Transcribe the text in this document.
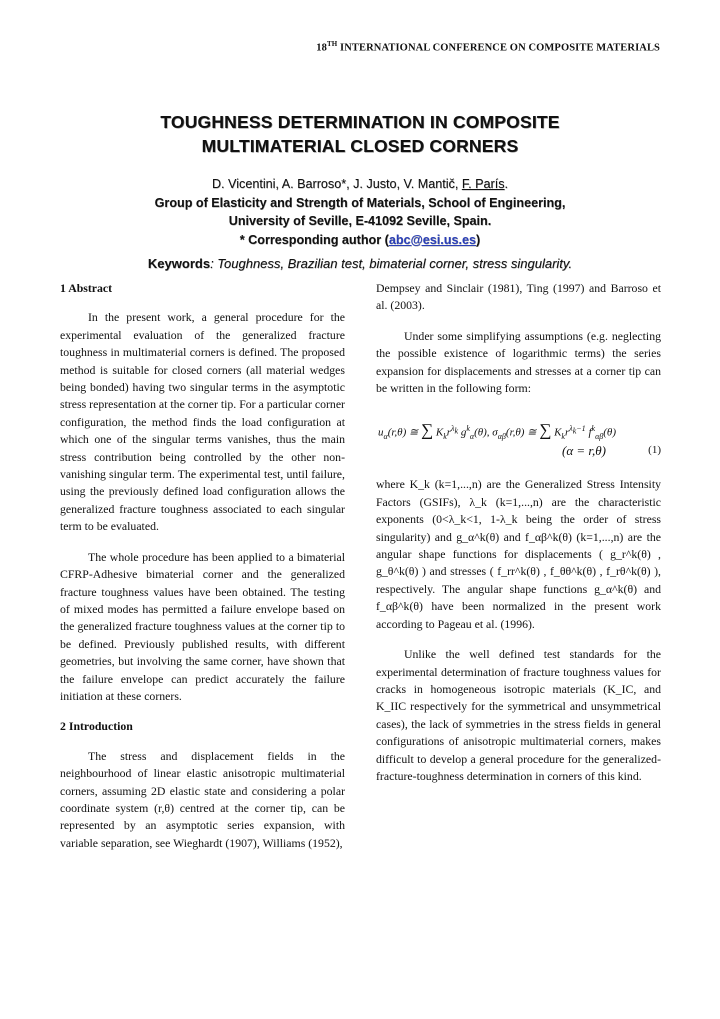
18TH INTERNATIONAL CONFERENCE ON COMPOSITE MATERIALS
TOUGHNESS DETERMINATION IN COMPOSITE
MULTIMATERIAL CLOSED CORNERS
D. Vicentini, A. Barroso*, J. Justo, V. Mantič, F. París.
Group of Elasticity and Strength of Materials, School of Engineering,
University of Seville, E-41092 Seville, Spain.
* Corresponding author (abc@esi.us.es)
Keywords: Toughness, Brazilian test, bimaterial corner, stress singularity.
1 Abstract

In the present work, a general procedure for the experimental evaluation of the generalized fracture toughness in multimaterial corners is defined. The proposed method is suitable for closed corners (all material wedges being bonded) having two singular terms in the asymptotic stress representation at the corner tip. For a particular corner configuration, the method finds the load configuration at which one of the singular terms vanishes, thus the main stress contribution being controlled by the other non-vanishing singular term. The experimental test, until failure, using the previously defined load configuration allows the generalized fracture toughness associated to each singular term to be evaluated.

The whole procedure has been applied to a bimaterial CFRP-Adhesive bimaterial corner and the generalized fracture toughness values have been obtained. The testing of mixed modes has permitted a failure envelope based on the generalized fracture toughness values at the corner tip to be defined. Previously published results, with different geometries, but involving the same corner, have shown that the failure envelope can predict accurately the failure initiation at these corners.

2 Introduction

The stress and displacement fields in the neighbourhood of linear elastic anisotropic multimaterial corners, assuming 2D elastic state and considering a polar coordinate system (r,θ) centred at the corner tip, can be represented by an asymptotic series expansion, with variable separation, see Wieghardt (1907), Williams (1952),

Dempsey and Sinclair (1981), Ting (1997) and Barroso et al. (2003).

Under some simplifying assumptions (e.g. neglecting the possible existence of logarithmic terms) the series expansion for displacements and stresses at a corner tip can be written in the following form:

$u_\alpha(r,\theta)$ ≅ ∑ $K_kr^{\lambda_k}$ $g^k_\alpha(\theta)$, $\sigma_{\alpha\beta}(r,\theta)$ ≅ ∑ $K_kr^{\lambda_k-1}$ $f^k_{\alpha\beta}(\theta)$
(α = r,θ)	(1)

where K_k (k=1,...,n) are the Generalized Stress Intensity Factors (GSIFs), λ_k (k=1,...,n) are the characteristic exponents (0<λ_k<1, 1-λ_k being the order of stress singularity) and g_α^k(θ) and f_αβ^k(θ) (k=1,...,n) are the angular shape functions for displacements ( g_r^k(θ) , g_θ^k(θ) ) and stresses ( f_rr^k(θ) , f_θθ^k(θ) , f_rθ^k(θ) ), respectively. The angular shape functions g_α^k(θ) and f_αβ^k(θ) have been normalized in the present work according to Pageau et al. (1996).

Unlike the well defined test standards for the experimental determination of fracture toughness values for cracks in homogeneous isotropic materials (K_IC, and K_IIC respectively for the symmetrical and unsymmetrical cases), the lack of symmetries in the stress fields in general configurations of anisotropic multimaterial corners, makes difficult to develop a general procedure for the generalized-fracture-toughness determination in corners of this kind.
